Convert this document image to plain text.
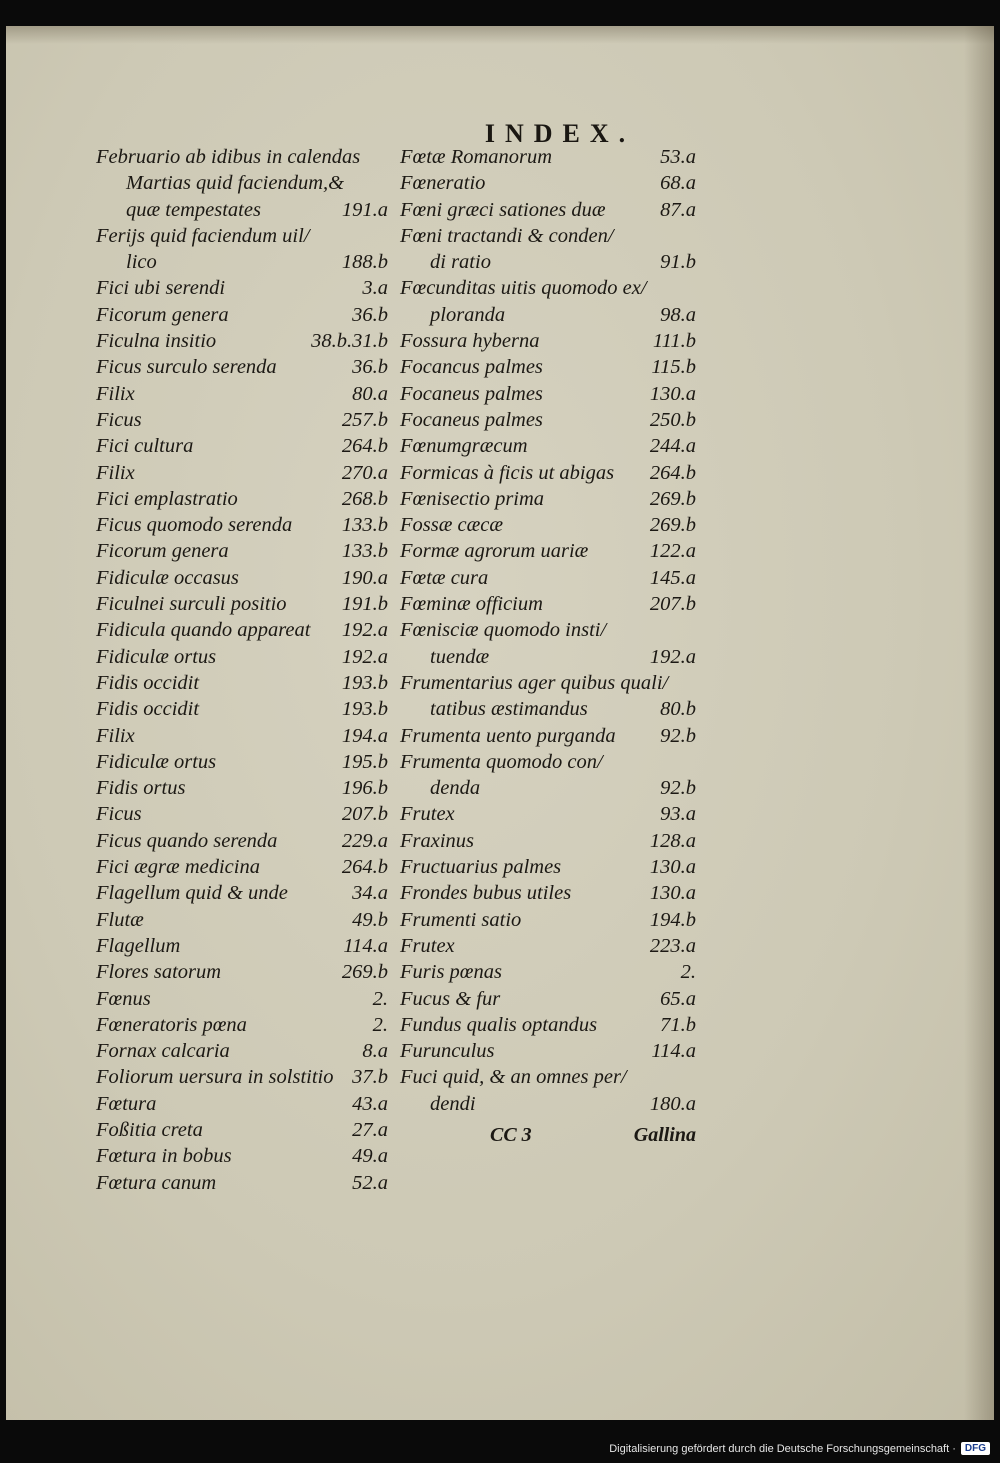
INDEX.
Februario ab idibus in calendas
Martias quid faciendum,&
quæ tempestates	191.a
Ferijs quid faciendum uil/
lico	188.b
Fici ubi serendi	3.a
Ficorum genera	36.b
Ficulna insitio	38.b.31.b
Ficus surculo serenda	36.b
Filix	80.a
Ficus	257.b
Fici cultura	264.b
Filix	270.a
Fici emplastratio	268.b
Ficus quomodo serenda 133.b
Ficorum genera	133.b
Fidiculæ occasus	190.a
Ficulnei surculi positio	191.b
Fidicula quando appareat 192.a
Fidiculæ ortus	192.a
Fidis occidit	193.b
Fidis occidit	193.b
Filix	194.a
Fidiculæ ortus	195.b
Fidis ortus	196.b
Ficus	207.b
Ficus quando serenda	229.a
Fici ægræ medicina	264.b
Flagellum quid & unde	34.a
Flutæ	49.b
Flagellum	114.a
Flores satorum	269.b
Fœnus	2.
Fœneratoris pœna	2.
Fornax calcaria	8.a
Foliorum uersura in solstitio 37.b
Fœtura	43.a
Foßitia creta	27.a
Fœtura in bobus	49.a
Fœtura canum	52.a
Fœtæ Romanorum	53.a
Fœneratio	68.a
Fœni græci sationes duæ	87.a
Fœni tractandi & conden/
di ratio	91.b
Fœcunditas uitis quomodo ex/
ploranda	98.a
Fossura hyberna	111.b
Focancus palmes	115.b
Focaneus palmes	130.a
Focaneus palmes	250.b
Fœnumgræcum	244.a
Formicas à ficis ut abigas 264.b
Fœnisectio prima	269.b
Fossæ cæcæ	269.b
Formæ agrorum uariæ	122.a
Fœtæ cura	145.a
Fœminæ officium	207.b
Fœnisciæ quomodo insti/
tuendæ	192.a
Frumentarius ager quibus quali/
tatibus æstimandus	80.b
Frumenta uento purganda 92.b
Frumenta quomodo con/
denda	92.b
Frutex	93.a
Fraxinus	128.a
Fructuarius palmes	130.a
Frondes bubus utiles	130.a
Frumenti satio	194.b
Frutex	223.a
Furis pœnas	2.
Fucus & fur	65.a
Fundus qualis optandus	71.b
Furunculus	114.a
Fuci quid, & an omnes per/
dendi	180.a
CC 3	Gallina
Digitalisierung gefördert durch die Deutsche Forschungsgemeinschaft · DFG
